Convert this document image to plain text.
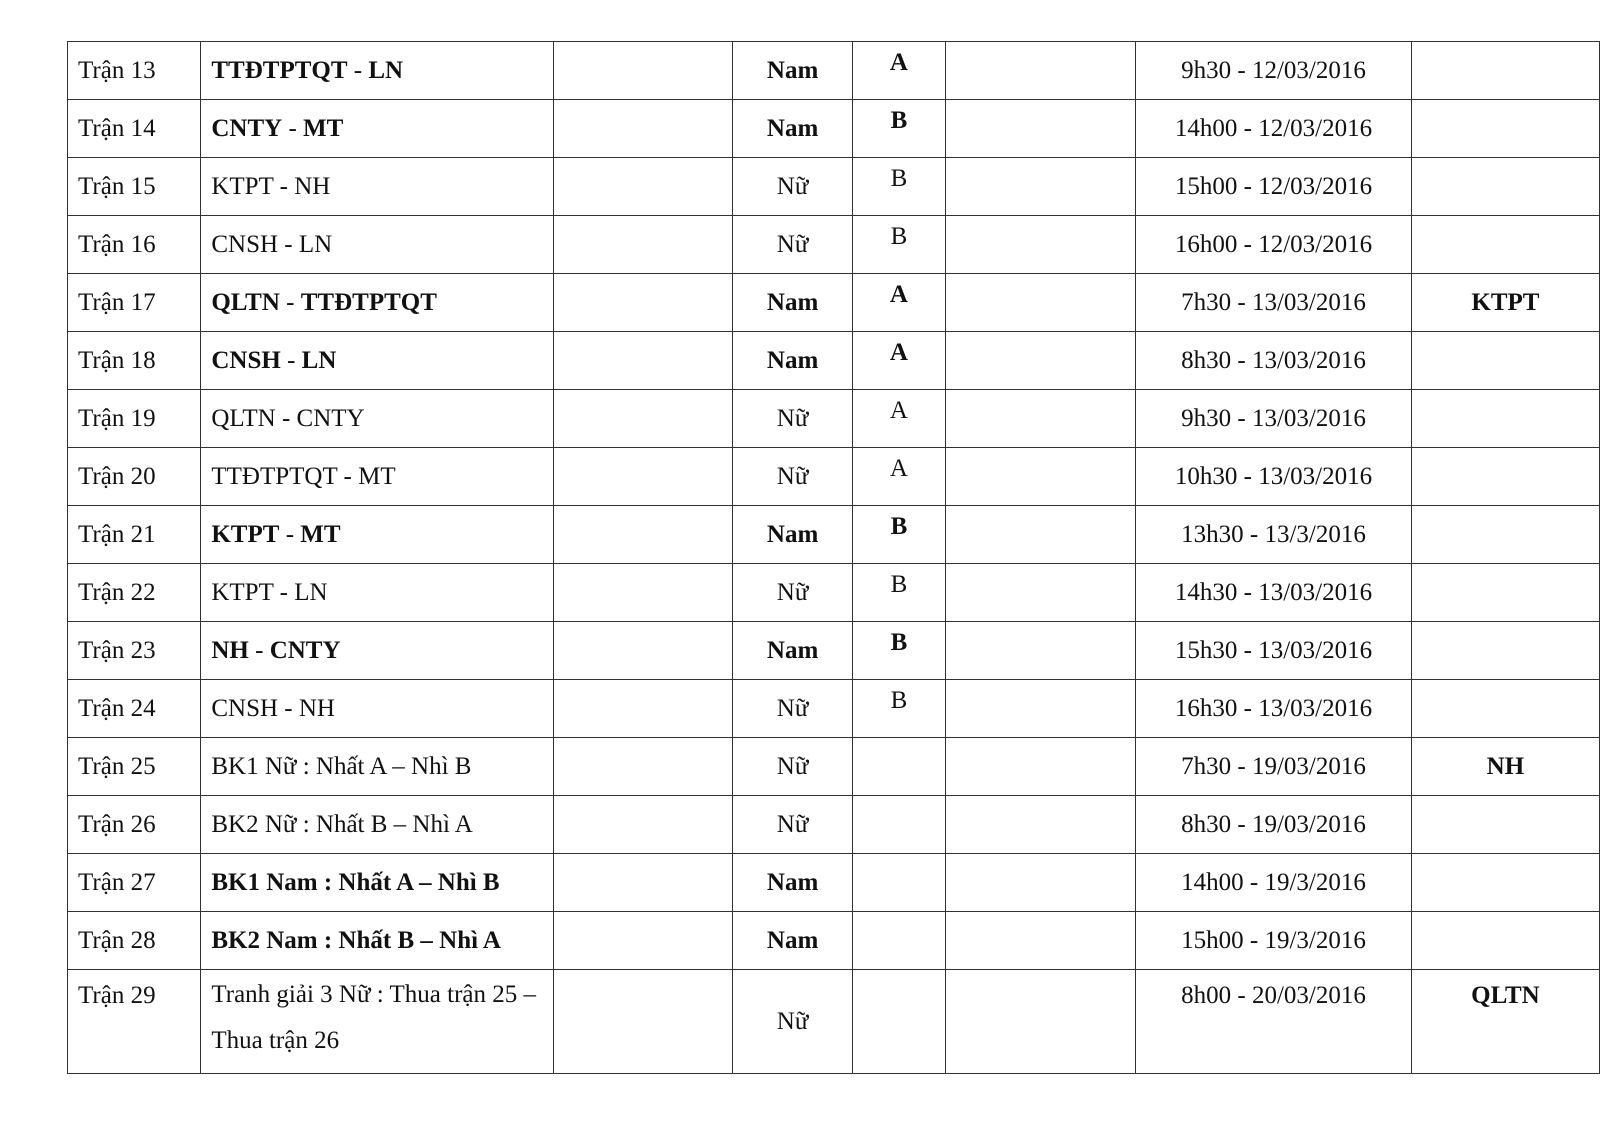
Trận 13	TTĐTPTQT - LN		Nam	A		9h30 - 12/03/2016	
Trận 14	CNTY - MT		Nam	B		14h00 - 12/03/2016	
Trận 15	KTPT - NH		Nữ	B		15h00 - 12/03/2016	
Trận 16	CNSH - LN		Nữ	B		16h00 - 12/03/2016	
Trận 17	QLTN - TTĐTPTQT		Nam	A		7h30 - 13/03/2016	KTPT
Trận 18	CNSH - LN		Nam	A		8h30 - 13/03/2016	
Trận 19	QLTN - CNTY		Nữ	A		9h30 - 13/03/2016	
Trận 20	TTĐTPTQT - MT		Nữ	A		10h30 - 13/03/2016	
Trận 21	KTPT - MT		Nam	B		13h30 - 13/3/2016	
Trận 22	KTPT - LN		Nữ	B		14h30 - 13/03/2016	
Trận 23	NH - CNTY		Nam	B		15h30 - 13/03/2016	
Trận 24	CNSH - NH		Nữ	B		16h30 - 13/03/2016	
Trận 25	BK1 Nữ : Nhất A – Nhì B		Nữ			7h30 - 19/03/2016	NH
Trận 26	BK2 Nữ : Nhất B – Nhì A		Nữ			8h30 - 19/03/2016	
Trận 27	BK1 Nam : Nhất A – Nhì B		Nam			14h00 - 19/3/2016	
Trận 28	BK2 Nam : Nhất B – Nhì A		Nam			15h00 - 19/3/2016	
Trận 29	Tranh giải 3 Nữ : Thua trận 25 – Thua trận 26		Nữ			8h00 - 20/03/2016	QLTN
